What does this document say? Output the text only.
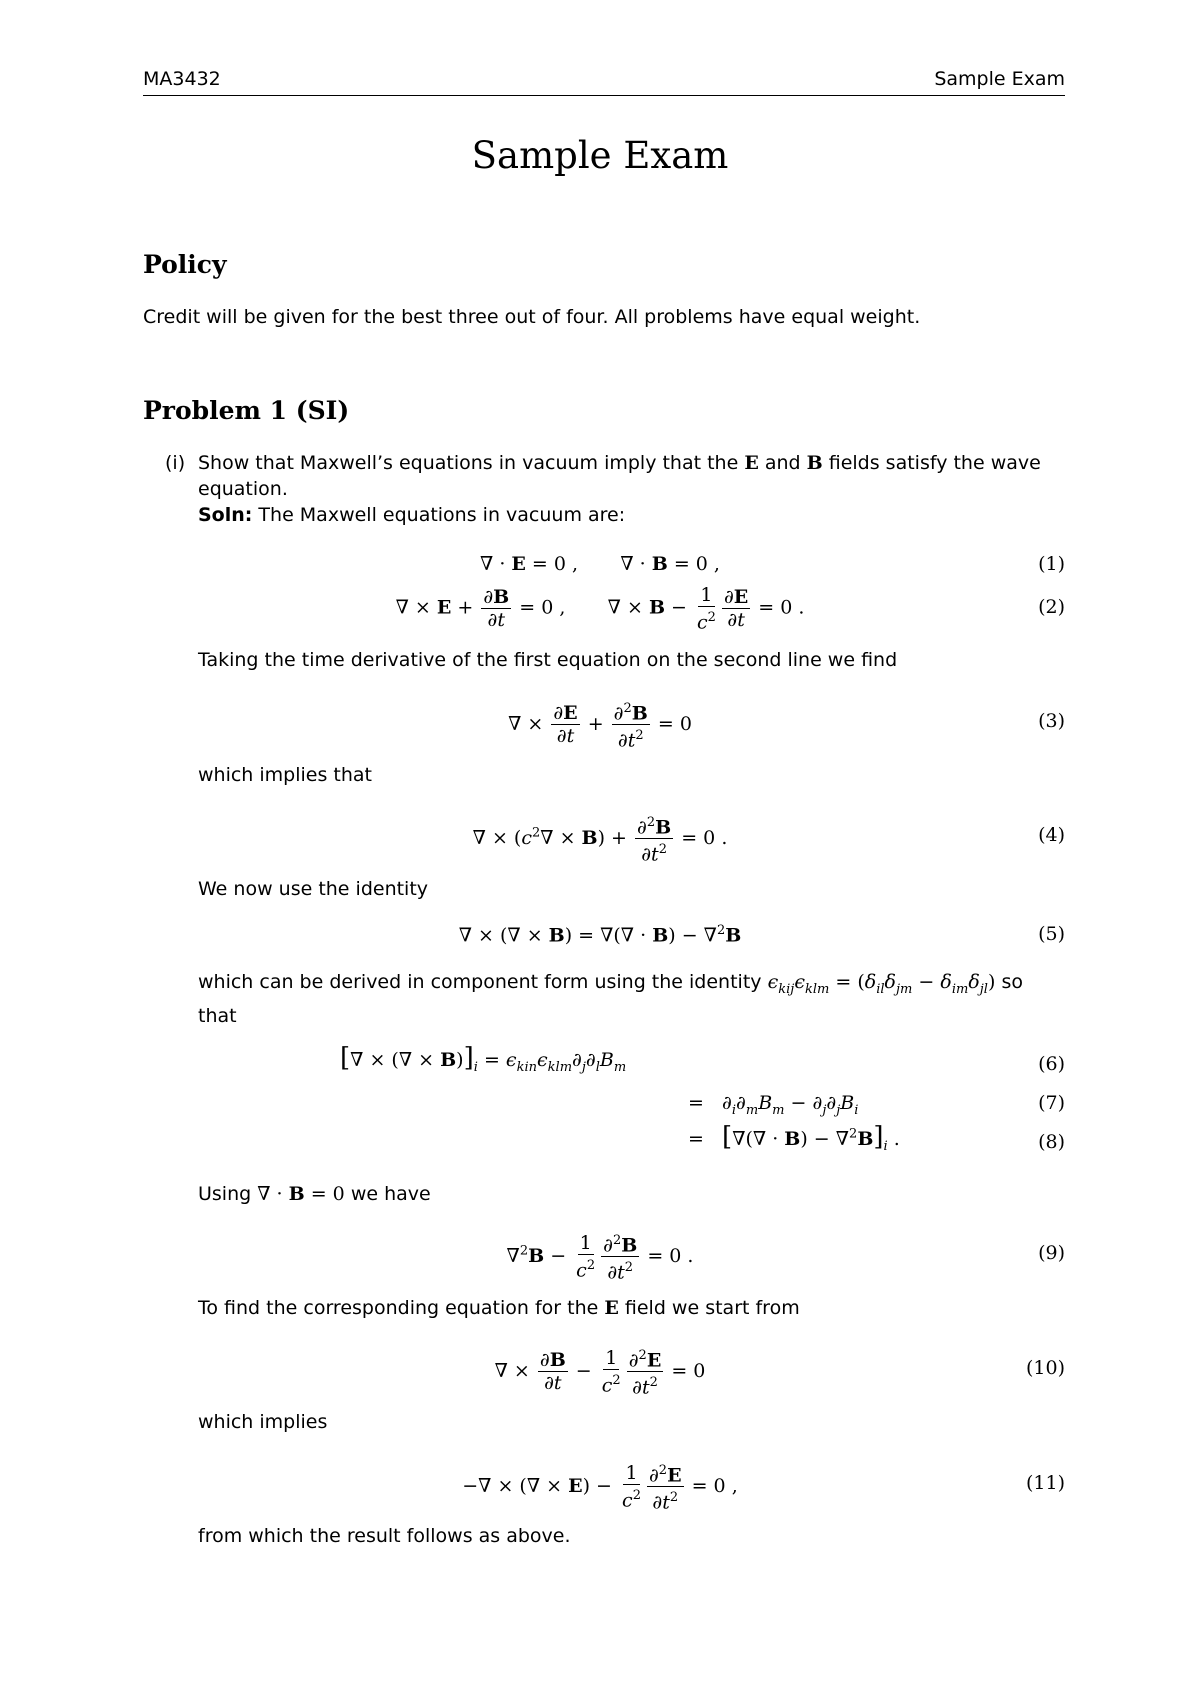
MA3432	Sample Exam
Sample Exam
Policy
Credit will be given for the best three out of four. All problems have equal weight.
Problem 1 (SI)
(i) Show that Maxwell’s equations in vacuum imply that the E and B fields satisfy the wave
equation.
Soln: The Maxwell equations in vacuum are:
∇ · E = 0 ,       ∇ · B = 0 ,	(1)
∇ × $E + \frac{\partial B}{\partial t} = 0$ ,       ∇ × $B - \frac{1}{c^2} \frac{\partial E}{\partial t} = 0$ .	(2)
Taking the time derivative of the first equation on the second line we find
∇ × $\frac{\partial E}{\partial t} + \frac{\partial^2B}{\partial t^2} = 0$	(3)
which implies that
∇ × $(c^2\nabla \times B) + \frac{\partial^2B}{\partial t^2} = 0$ .	(4)
We now use the identity
∇ × (∇ × B) = ∇(∇ · B) − ∇$^2$B	(5)
which can be derived in component form using the identity $\epsilon_{kij}\epsilon_{klm} = (\delta_{il}\delta_{jm} - \delta_{im}\delta_{jl})$ so
that
[∇ × (∇ × $B)]_i = \epsilon_{kin}\epsilon_{klm}\partial_j\partial_lB_m$	(6)
=   $\partial_i\partial_mB_m - \partial_j\partial_jB_i$	(7)
=   [∇(∇ · $B) - \nabla^2B]_i$ .	(8)
Using ∇ · B = 0 we have
$\nabla^2B - \frac{1}{c^2} \frac{\partial^2B}{\partial t^2} = 0$ .	(9)
To find the corresponding equation for the E field we start from
∇ × $\frac{\partial B}{\partial t} - \frac{1}{c^2} \frac{\partial^2E}{\partial t^2} = 0$	(10)
which implies
−∇ × (∇ × $E) - \frac{1}{c^2} \frac{\partial^2E}{\partial t^2} = 0$ ,	(11)
from which the result follows as above.
